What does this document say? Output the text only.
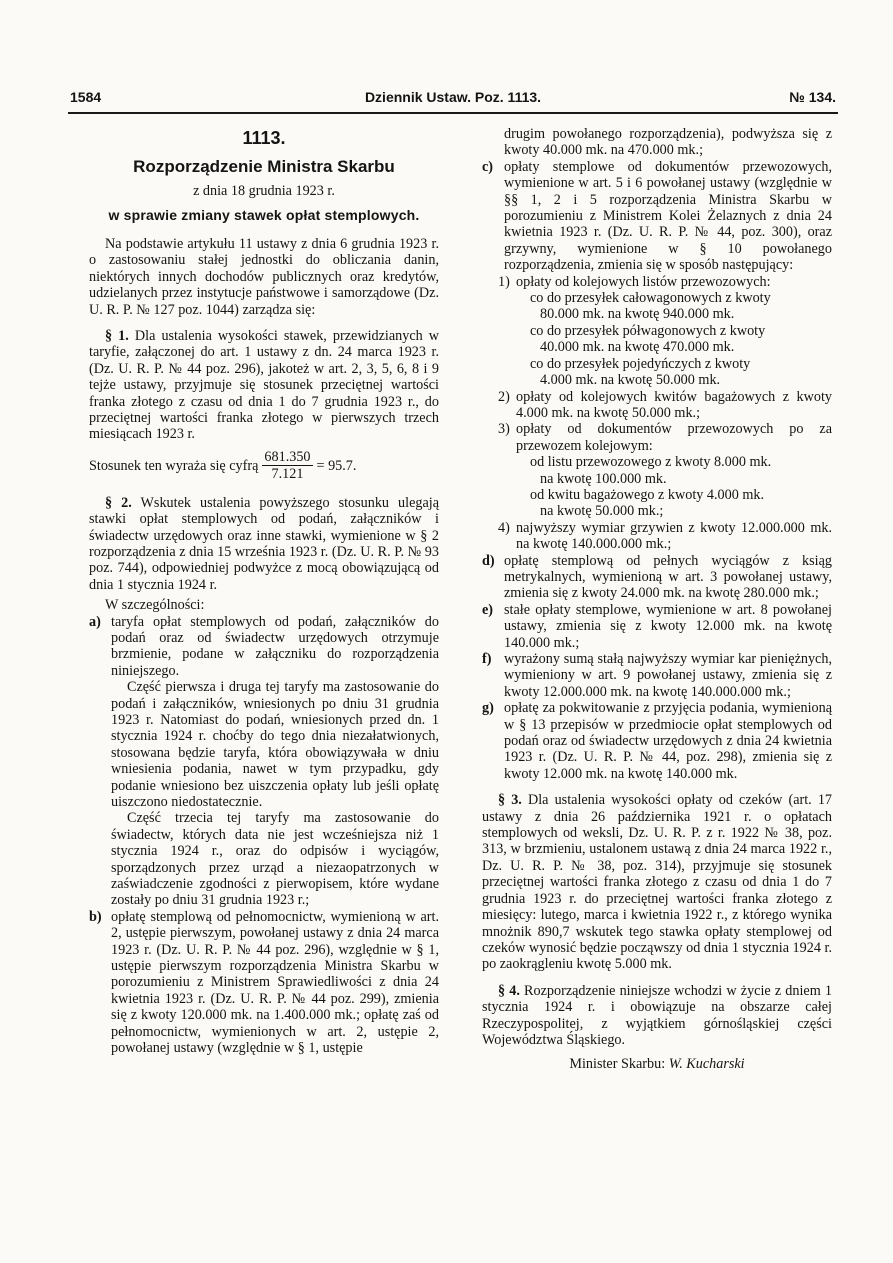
1584	Dziennik Ustaw. Poz. 1113.	№ 134.

1113.

Rozporządzenie Ministra Skarbu

z dnia 18 grudnia 1923 r.

w sprawie zmiany stawek opłat stemplowych.

Na podstawie artykułu 11 ustawy z dnia 6 grudnia 1923 r. o zastosowaniu stałej jednostki do obliczania danin, niektórych innych dochodów publicznych oraz kredytów, udzielanych przez instytucje państwowe i samorządowe (Dz. U. R. P. № 127 poz. 1044) zarządza się:

§ 1. Dla ustalenia wysokości stawek, przewidzianych w taryfie, załączonej do art. 1 ustawy z dn. 24 marca 1923 r. (Dz. U. R. P. № 44 poz. 296), jakoteż w art. 2, 3, 5, 6, 8 i 9 tejże ustawy, przyjmuje się stosunek przeciętnej wartości franka złotego z czasu od dnia 1 do 7 grudnia 1923 r., do przeciętnej wartości franka złotego w pierwszych trzech miesiącach 1923 r.

Stosunek ten wyraża się cyfrą $\frac{681.350}{7.121} = 95.7$.

§ 2. Wskutek ustalenia powyższego stosunku ulegają stawki opłat stemplowych od podań, załączników i świadectw urzędowych oraz inne stawki, wymienione w § 2 rozporządzenia z dnia 15 września 1923 r. (Dz. U. R. P. № 93 poz. 744), odpowiedniej podwyżce z mocą obowiązującą od dnia 1 stycznia 1924 r.

W szczególności:

a) taryfa opłat stemplowych od podań, załączników do podań oraz od świadectw urzędowych otrzymuje brzmienie, podane w załączniku do rozporządzenia niniejszego.

Część pierwsza i druga tej taryfy ma zastosowanie do podań i załączników, wniesionych po dniu 31 grudnia 1923 r. Natomiast do podań, wniesionych przed dn. 1 stycznia 1924 r. choćby do tego dnia niezałatwionych, stosowana będzie taryfa, która obowiązywała w dniu wniesienia podania, nawet w tym przypadku, gdy podanie wniesiono bez uiszczenia opłaty lub jeśli opłatę uiszczono niedostatecznie.

Część trzecia tej taryfy ma zastosowanie do świadectw, których data nie jest wcześniejsza niż 1 stycznia 1924 r., oraz do odpisów i wyciągów, sporządzonych przez urząd a niezaopatrzonych w zaświadczenie zgodności z pierwopisem, które wydane zostały po dniu 31 grudnia 1923 r.;

b) opłatę stemplową od pełnomocnictw, wymienioną w art. 2, ustępie pierwszym, powołanej ustawy z dnia 24 marca 1923 r. (Dz. U. R. P. № 44 poz. 296), względnie w § 1, ustępie pierwszym rozporządzenia Ministra Skarbu w porozumieniu z Ministrem Sprawiedliwości z dnia 24 kwietnia 1923 r. (Dz. U. R. P. № 44 poz. 299), zmienia się z kwoty 120.000 mk. na 1.400.000 mk.; opłatę zaś od pełnomocnictw, wymienionych w art. 2, ustępie 2, powołanej ustawy (względnie w § 1, ustępie

drugim powołanego rozporządzenia), podwyższa się z kwoty 40.000 mk. na 470.000 mk.;

c) opłaty stemplowe od dokumentów przewozowych, wymienione w art. 5 i 6 powołanej ustawy (względnie w §§ 1, 2 i 5 rozporządzenia Ministra Skarbu w porozumieniu z Ministrem Kolei Żelaznych z dnia 24 kwietnia 1923 r. (Dz. U. R. P. № 44, poz. 300), oraz grzywny, wymienione w § 10 powołanego rozporządzenia, zmienia się w sposób następujący:

1) opłaty od kolejowych listów przewozowych:

co do przesyłek całowagonowych z kwoty

80.000 mk. na kwotę 940.000 mk.

co do przesyłek półwagonowych z kwoty

40.000 mk. na kwotę 470.000 mk.

co do przesyłek pojedyńczych z kwoty

4.000 mk. na kwotę 50.000 mk.

2) opłaty od kolejowych kwitów bagażowych z kwoty 4.000 mk. na kwotę 50.000 mk.;

3) opłaty od dokumentów przewozowych po za przewozem kolejowym:

od listu przewozowego z kwoty 8.000 mk.

na kwotę 100.000 mk.

od kwitu bagażowego z kwoty 4.000 mk.

na kwotę 50.000 mk.;

4) najwyższy wymiar grzywien z kwoty 12.000.000 mk. na kwotę 140.000.000 mk.;

d) opłatę stemplową od pełnych wyciągów z ksiąg metrykalnych, wymienioną w art. 3 powołanej ustawy, zmienia się z kwoty 24.000 mk. na kwotę 280.000 mk.;

e) stałe opłaty stemplowe, wymienione w art. 8 powołanej ustawy, zmienia się z kwoty 12.000 mk. na kwotę 140.000 mk.;

f) wyrażony sumą stałą najwyższy wymiar kar pieniężnych, wymieniony w art. 9 powołanej ustawy, zmienia się z kwoty 12.000.000 mk. na kwotę 140.000.000 mk.;

g) opłatę za pokwitowanie z przyjęcia podania, wymienioną w § 13 przepisów w przedmiocie opłat stemplowych od podań oraz od świadectw urzędowych z dnia 24 kwietnia 1923 r. (Dz. U. R. P. № 44, poz. 298), zmienia się z kwoty 12.000 mk. na kwotę 140.000 mk.

§ 3. Dla ustalenia wysokości opłaty od czeków (art. 17 ustawy z dnia 26 października 1921 r. o opłatach stemplowych od weksli, Dz. U. R. P. z r. 1922 № 38, poz. 313, w brzmieniu, ustalonem ustawą z dnia 24 marca 1922 r., Dz. U. R. P. № 38, poz. 314), przyjmuje się stosunek przeciętnej wartości franka złotego z czasu od dnia 1 do 7 grudnia 1923 r. do przeciętnej wartości franka złotego z miesięcy: lutego, marca i kwietnia 1922 r., z którego wynika mnożnik 890,7 wskutek tego stawka opłaty stemplowej od czeków wynosić będzie począwszy od dnia 1 stycznia 1924 r. po zaokrągleniu kwotę 5.000 mk.

§ 4. Rozporządzenie niniejsze wchodzi w życie z dniem 1 stycznia 1924 r. i obowiązuje na obszarze całej Rzeczypospolitej, z wyjątkiem górnośląskiej części Województwa Śląskiego.

Minister Skarbu: W. Kucharski
